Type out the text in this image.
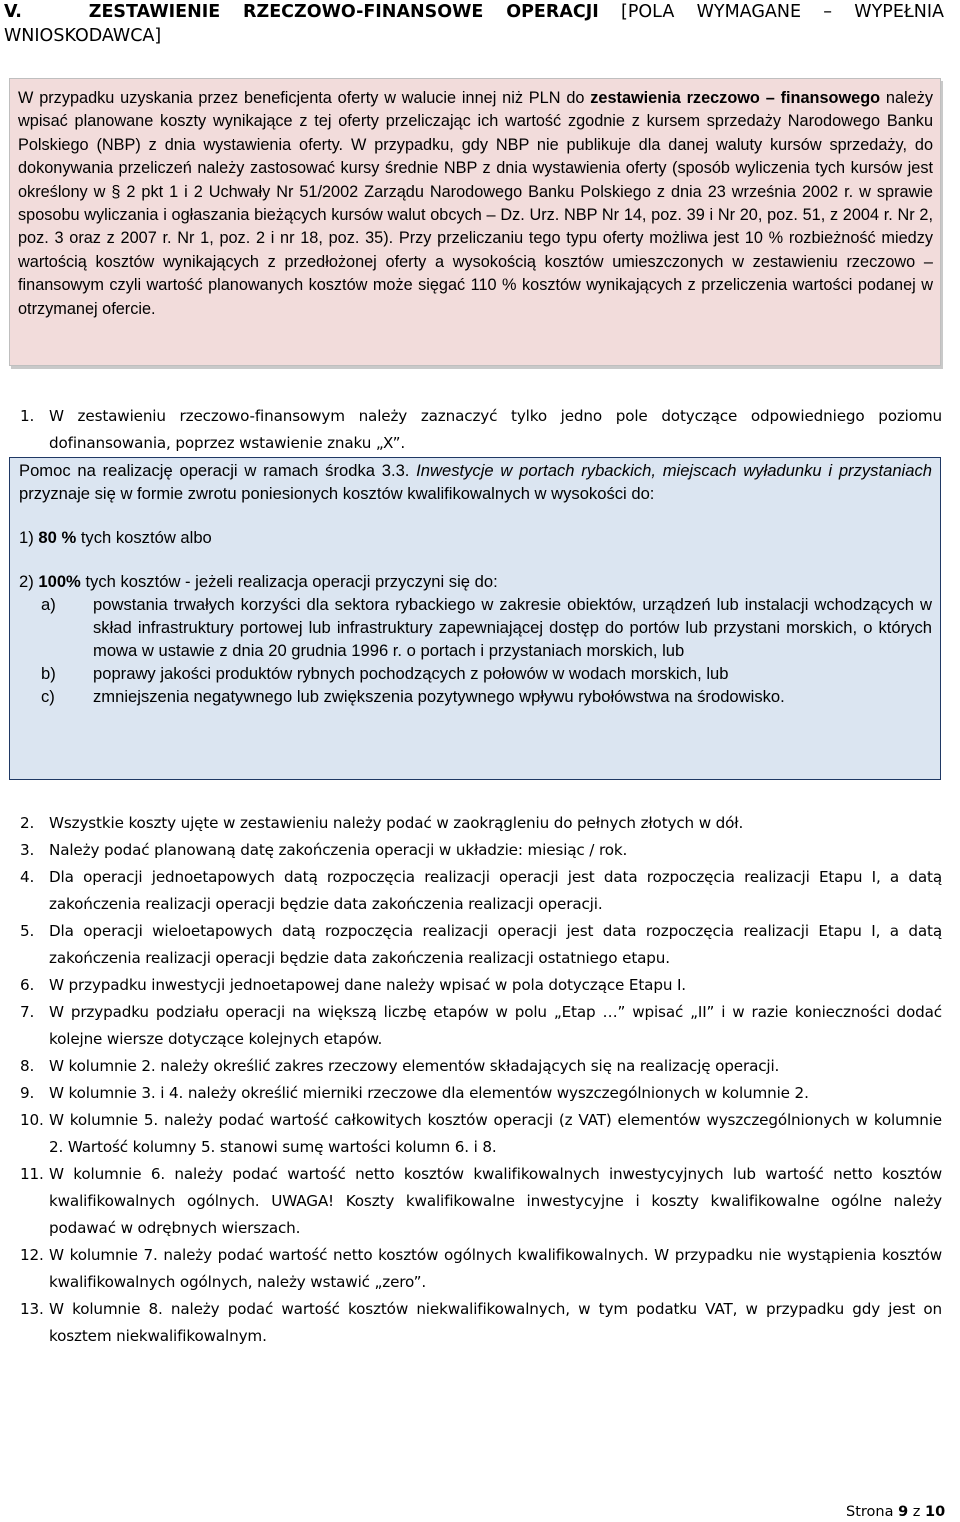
V.	ZESTAWIENIE RZECZOWO-FINANSOWE OPERACJI [POLA WYMAGANE – WYPEŁNIA
WNIOSKODAWCA]

W przypadku uzyskania przez beneficjenta oferty w walucie innej niż PLN do zestawienia rzeczowo – finansowego należy wpisać planowane koszty wynikające z tej oferty przeliczając ich wartość zgodnie z kursem sprzedaży Narodowego Banku Polskiego (NBP) z dnia wystawienia oferty. W przypadku, gdy NBP nie publikuje dla danej waluty kursów sprzedaży, do dokonywania przeliczeń należy zastosować kursy średnie NBP z dnia wystawienia oferty (sposób wyliczenia tych kursów jest określony w § 2 pkt 1 i 2 Uchwały Nr 51/2002 Zarządu Narodowego Banku Polskiego z dnia 23 września 2002 r. w sprawie sposobu wyliczania i ogłaszania bieżących kursów walut obcych – Dz. Urz. NBP Nr 14, poz. 39 i Nr 20, poz. 51, z 2004 r. Nr 2, poz. 3 oraz z 2007 r. Nr 1, poz. 2 i nr 18, poz. 35). Przy przeliczaniu tego typu oferty możliwa jest 10 % rozbieżność miedzy wartością kosztów wynikających z przedłożonej oferty a wysokością kosztów umieszczonych w zestawieniu rzeczowo – finansowym czyli wartość planowanych kosztów może sięgać 110 % kosztów wynikających z przeliczenia wartości podanej w otrzymanej ofercie.

1. W zestawieniu rzeczowo-finansowym należy zaznaczyć tylko jedno pole dotyczące odpowiedniego poziomu dofinansowania, poprzez wstawienie znaku „X”.

Pomoc na realizację operacji w ramach środka 3.3. Inwestycje w portach rybackich, miejscach wyładunku i przystaniach przyznaje się w formie zwrotu poniesionych kosztów kwalifikowalnych w wysokości do:

1) 80 % tych kosztów albo

2) 100% tych kosztów - jeżeli realizacja operacji przyczyni się do:

a) powstania trwałych korzyści dla sektora rybackiego w zakresie obiektów, urządzeń lub instalacji wchodzących w skład infrastruktury portowej lub infrastruktury zapewniającej dostęp do portów lub przystani morskich, o których mowa w ustawie z dnia 20 grudnia 1996 r. o portach i przystaniach morskich, lub

b) poprawy jakości produktów rybnych pochodzących z połowów w wodach morskich, lub

c) zmniejszenia negatywnego lub zwiększenia pozytywnego wpływu rybołówstwa na środowisko.

2. Wszystkie koszty ujęte w zestawieniu należy podać w zaokrągleniu do pełnych złotych w dół.
3. Należy podać planowaną datę zakończenia operacji w układzie: miesiąc / rok.
4. Dla operacji jednoetapowych datą rozpoczęcia realizacji operacji jest data rozpoczęcia realizacji Etapu I, a datą zakończenia realizacji operacji będzie data zakończenia realizacji operacji.
5. Dla operacji wieloetapowych datą rozpoczęcia realizacji operacji jest data rozpoczęcia realizacji Etapu I, a datą zakończenia realizacji operacji będzie data zakończenia realizacji ostatniego etapu.
6. W przypadku inwestycji jednoetapowej dane należy wpisać w pola dotyczące Etapu I.
7. W przypadku podziału operacji na większą liczbę etapów w polu „Etap …” wpisać „II” i w razie konieczności dodać kolejne wiersze dotyczące kolejnych etapów.
8. W kolumnie 2. należy określić zakres rzeczowy elementów składających się na realizację operacji.
9. W kolumnie 3. i 4. należy określić mierniki rzeczowe dla elementów wyszczególnionych w kolumnie 2.
10. W kolumnie 5. należy podać wartość całkowitych kosztów operacji (z VAT) elementów wyszczególnionych w kolumnie 2. Wartość kolumny 5. stanowi sumę wartości kolumn 6. i 8.
11. W kolumnie 6. należy podać wartość netto kosztów kwalifikowalnych inwestycyjnych lub wartość netto kosztów kwalifikowalnych ogólnych. UWAGA! Koszty kwalifikowalne inwestycyjne i koszty kwalifikowalne ogólne należy podawać w odrębnych wierszach.
12. W kolumnie 7. należy podać wartość netto kosztów ogólnych kwalifikowalnych. W przypadku nie wystąpienia kosztów kwalifikowalnych ogólnych, należy wstawić „zero”.
13. W kolumnie 8. należy podać wartość kosztów niekwalifikowalnych, w tym podatku VAT, w przypadku gdy jest on kosztem niekwalifikowalnym.
Strona 9 z 10
